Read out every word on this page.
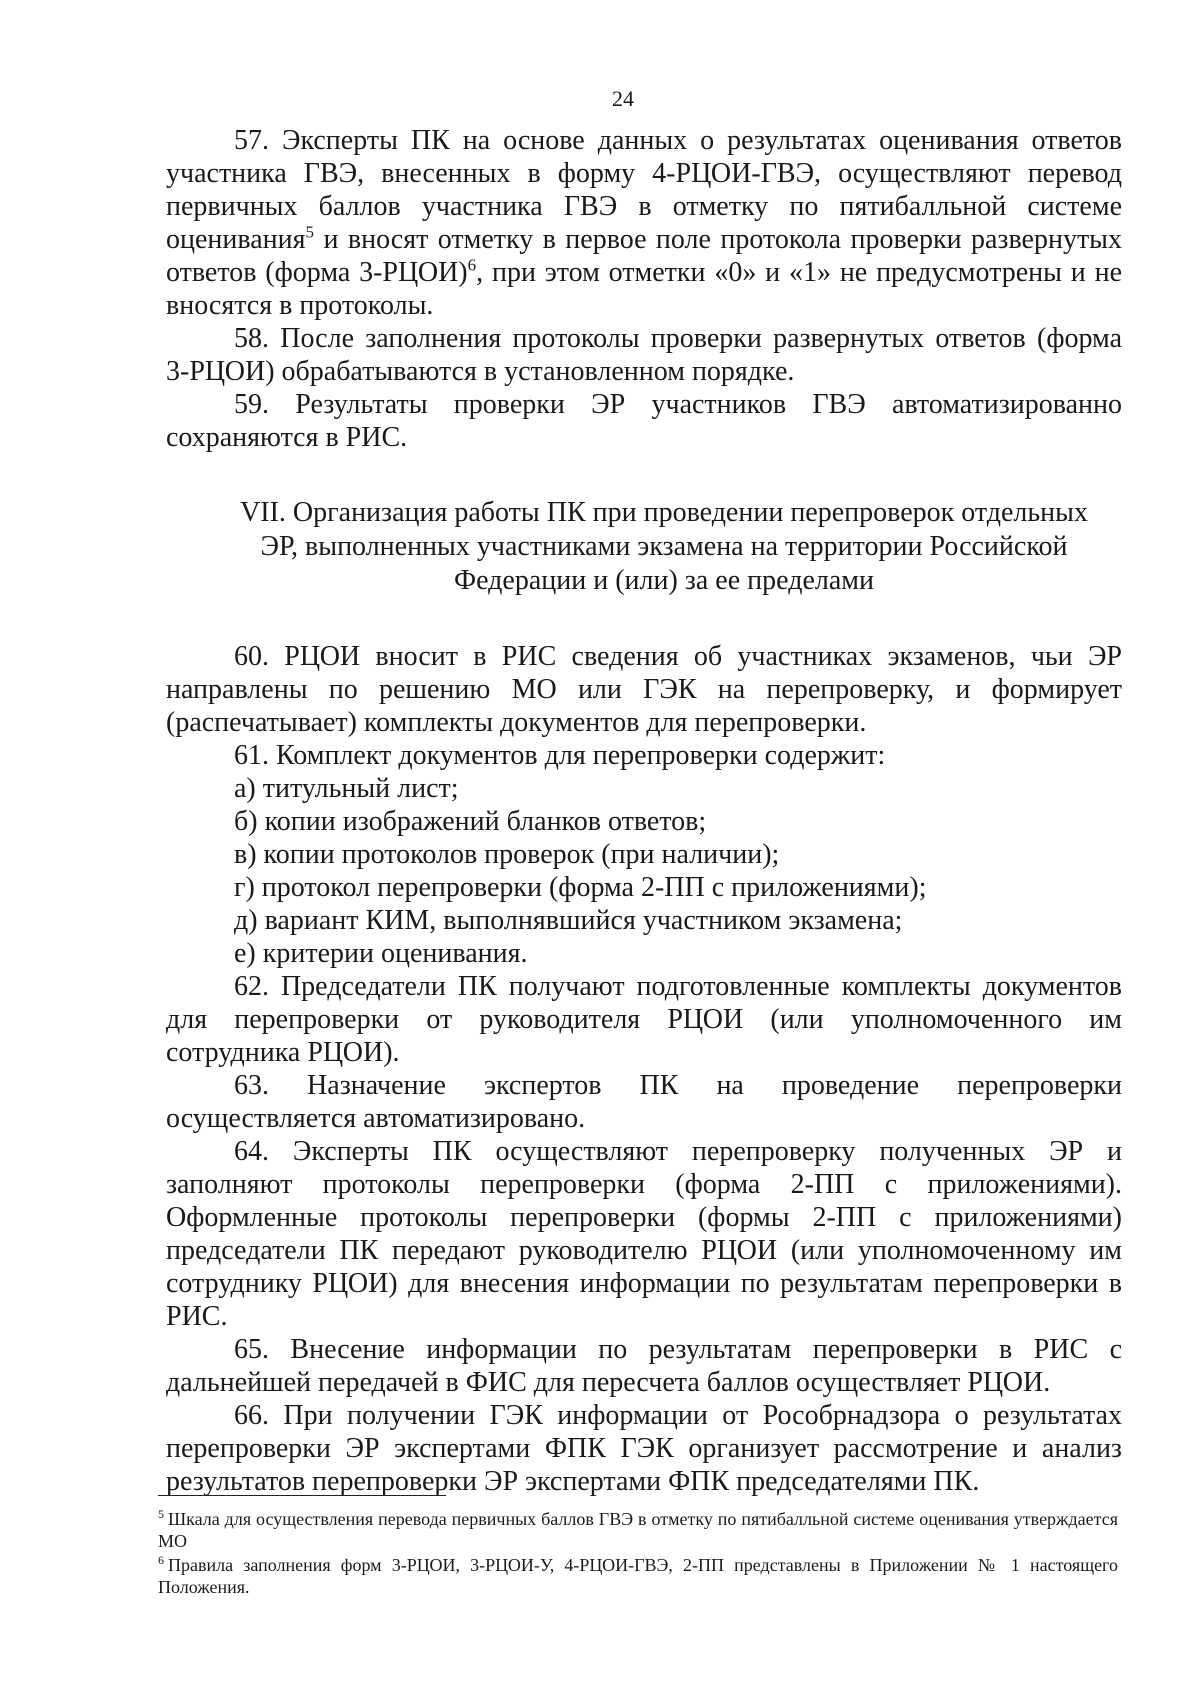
24

57. Эксперты ПК на основе данных о результатах оценивания ответов участника ГВЭ, внесенных в форму 4-РЦОИ-ГВЭ, осуществляют перевод первичных баллов участника ГВЭ в отметку по пятибалльной системе оценивания$^5$ и вносят отметку в первое поле протокола проверки развернутых ответов (форма 3-РЦОИ)$^6$, при этом отметки «0» и «1» не предусмотрены и не вносятся в протоколы.

58. После заполнения протоколы проверки развернутых ответов (форма 3-РЦОИ) обрабатываются в установленном порядке.

59. Результаты проверки ЭР участников ГВЭ автоматизированно сохраняются в РИС.

VII. Организация работы ПК при проведении перепроверок отдельных
ЭР, выполненных участниками экзамена на территории Российской
Федерации и (или) за ее пределами

60. РЦОИ вносит в РИС сведения об участниках экзаменов, чьи ЭР направлены по решению МО или ГЭК на перепроверку, и формирует (распечатывает) комплекты документов для перепроверки.

61. Комплект документов для перепроверки содержит:

а) титульный лист;

б) копии изображений бланков ответов;

в) копии протоколов проверок (при наличии);

г) протокол перепроверки (форма 2-ПП с приложениями);

д) вариант КИМ, выполнявшийся участником экзамена;

е) критерии оценивания.

62. Председатели ПК получают подготовленные комплекты документов для перепроверки от руководителя РЦОИ (или уполномоченного им сотрудника РЦОИ).

63. Назначение экспертов ПК на проведение перепроверки осуществляется автоматизировано.

64. Эксперты ПК осуществляют перепроверку полученных ЭР и заполняют протоколы перепроверки (форма 2-ПП с приложениями). Оформленные протоколы перепроверки (формы 2-ПП с приложениями) председатели ПК передают руководителю РЦОИ (или уполномоченному им сотруднику РЦОИ) для внесения информации по результатам перепроверки в РИС.

65. Внесение информации по результатам перепроверки в РИС с дальнейшей передачей в ФИС для пересчета баллов осуществляет РЦОИ.

66. При получении ГЭК информации от Рособрнадзора о результатах перепроверки ЭР экспертами ФПК ГЭК организует рассмотрение и анализ результатов перепроверки ЭР экспертами ФПК председателями ПК.

$^5$ Шкала для осуществления перевода первичных баллов ГВЭ в отметку по пятибалльной системе оценивания утверждается МО

$^6$ Правила заполнения форм 3-РЦОИ, 3-РЦОИ-У, 4-РЦОИ-ГВЭ, 2-ПП представлены в Приложении № 1 настоящего Положения.
